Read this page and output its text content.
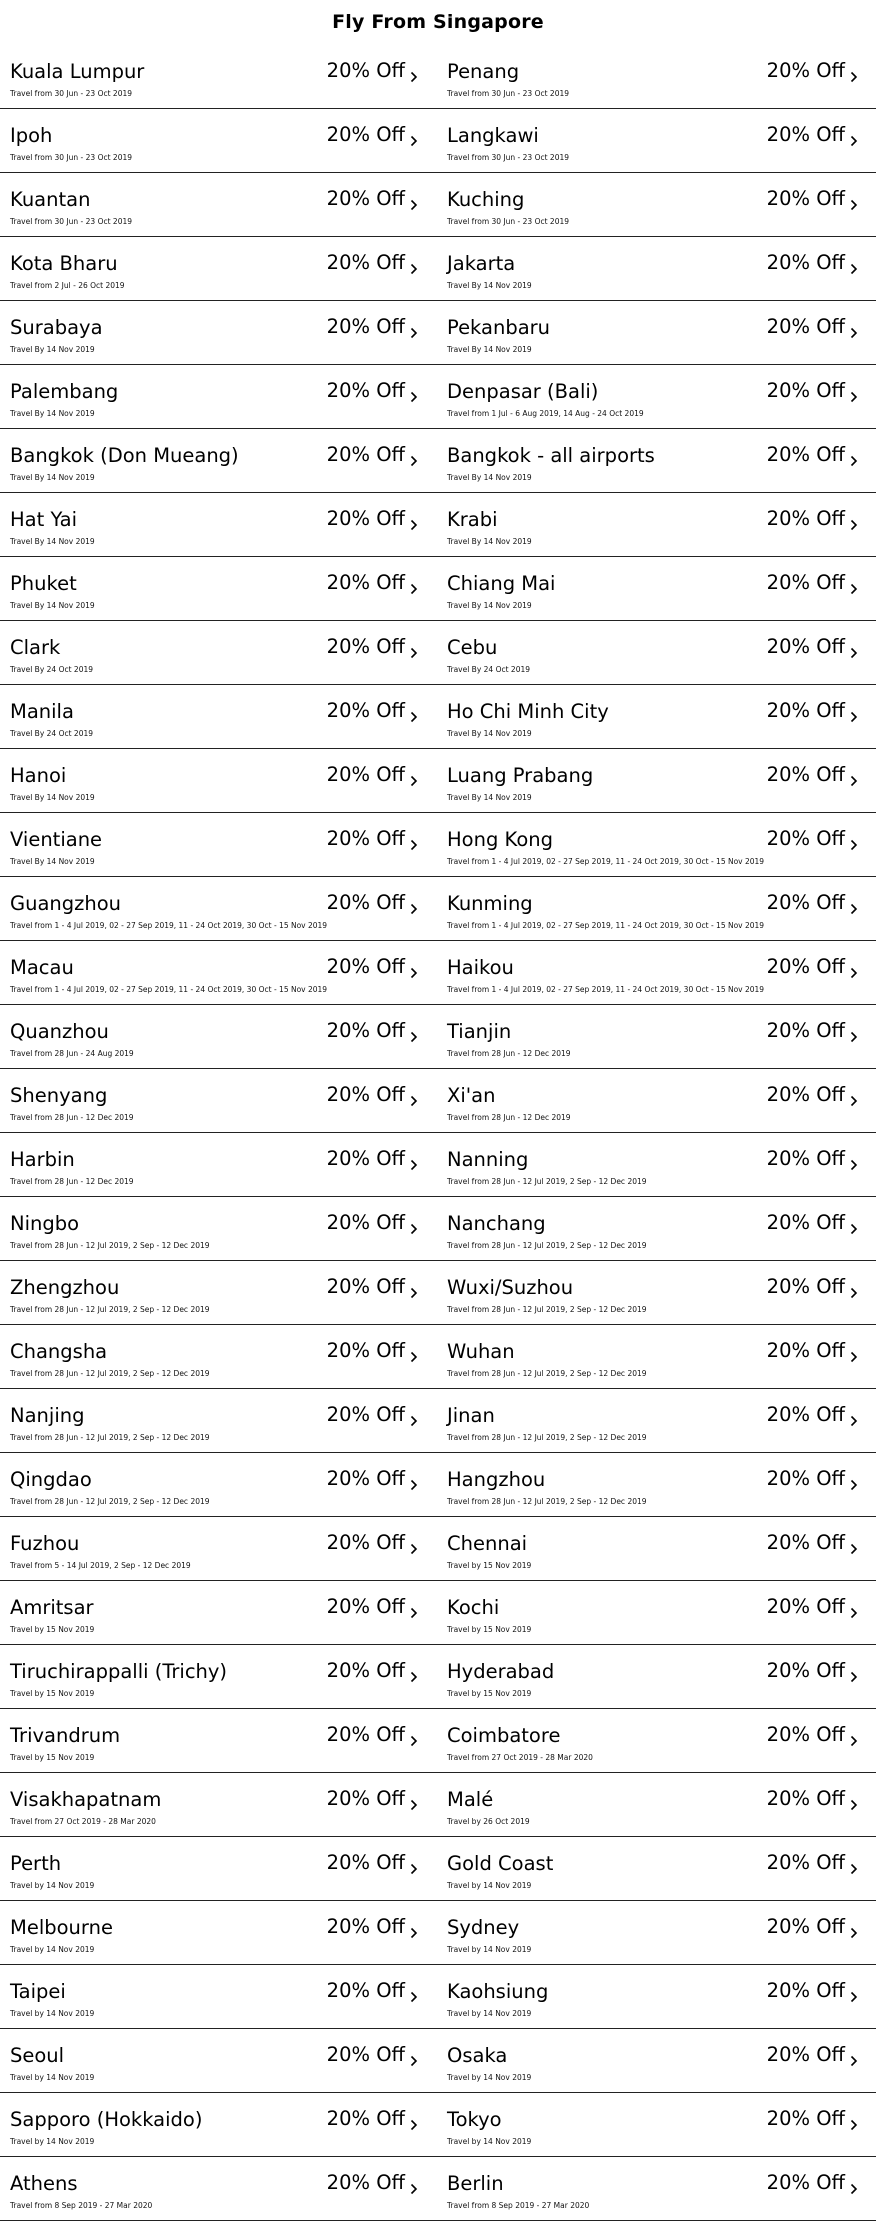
Fly From Singapore
Kuala Lumpur
Travel from 30 Jun - 23 Oct 2019
20% Off Penang
Travel from 30 Jun - 23 Oct 2019
20% Off
Ipoh
Travel from 30 Jun - 23 Oct 2019
20% Off Langkawi
Travel from 30 Jun - 23 Oct 2019
20% Off
Kuantan
Travel from 30 Jun - 23 Oct 2019
20% Off Kuching
Travel from 30 Jun - 23 Oct 2019
20% Off
Kota Bharu
Travel from 2 Jul - 26 Oct 2019
20% Off Jakarta
Travel By 14 Nov 2019
20% Off
Surabaya
Travel By 14 Nov 2019
20% Off Pekanbaru
Travel By 14 Nov 2019
20% Off
Palembang
Travel By 14 Nov 2019
20% Off Denpasar (Bali)
Travel from 1 Jul - 6 Aug 2019, 14 Aug - 24 Oct 2019
20% Off
Bangkok (Don Mueang)
Travel By 14 Nov 2019
20% Off Bangkok - all airports
Travel By 14 Nov 2019
20% Off
Hat Yai
Travel By 14 Nov 2019
20% Off Krabi
Travel By 14 Nov 2019
20% Off
Phuket
Travel By 14 Nov 2019
20% Off Chiang Mai
Travel By 14 Nov 2019
20% Off
Clark
Travel By 24 Oct 2019
20% Off Cebu
Travel By 24 Oct 2019
20% Off
Manila
Travel By 24 Oct 2019
20% Off Ho Chi Minh City
Travel By 14 Nov 2019
20% Off
Hanoi
Travel By 14 Nov 2019
20% Off Luang Prabang
Travel By 14 Nov 2019
20% Off
Vientiane
Travel By 14 Nov 2019
20% Off Hong Kong
Travel from 1 - 4 Jul 2019, 02 - 27 Sep 2019, 11 - 24 Oct 2019, 30 Oct - 15 Nov 2019
20% Off
Guangzhou
Travel from 1 - 4 Jul 2019, 02 - 27 Sep 2019, 11 - 24 Oct 2019, 30 Oct - 15 Nov 2019
20% Off Kunming
Travel from 1 - 4 Jul 2019, 02 - 27 Sep 2019, 11 - 24 Oct 2019, 30 Oct - 15 Nov 2019
20% Off
Macau
Travel from 1 - 4 Jul 2019, 02 - 27 Sep 2019, 11 - 24 Oct 2019, 30 Oct - 15 Nov 2019
20% Off Haikou
Travel from 1 - 4 Jul 2019, 02 - 27 Sep 2019, 11 - 24 Oct 2019, 30 Oct - 15 Nov 2019
20% Off
Quanzhou
Travel from 28 Jun - 24 Aug 2019
20% Off Tianjin
Travel from 28 Jun - 12 Dec 2019
20% Off
Shenyang
Travel from 28 Jun - 12 Dec 2019
20% Off Xi'an
Travel from 28 Jun - 12 Dec 2019
20% Off
Harbin
Travel from 28 Jun - 12 Dec 2019
20% Off Nanning
Travel from 28 Jun - 12 Jul 2019, 2 Sep - 12 Dec 2019
20% Off
Ningbo
Travel from 28 Jun - 12 Jul 2019, 2 Sep - 12 Dec 2019
20% Off Nanchang
Travel from 28 Jun - 12 Jul 2019, 2 Sep - 12 Dec 2019
20% Off
Zhengzhou
Travel from 28 Jun - 12 Jul 2019, 2 Sep - 12 Dec 2019
20% Off Wuxi/Suzhou
Travel from 28 Jun - 12 Jul 2019, 2 Sep - 12 Dec 2019
20% Off
Changsha
Travel from 28 Jun - 12 Jul 2019, 2 Sep - 12 Dec 2019
20% Off Wuhan
Travel from 28 Jun - 12 Jul 2019, 2 Sep - 12 Dec 2019
20% Off
Nanjing
Travel from 28 Jun - 12 Jul 2019, 2 Sep - 12 Dec 2019
20% Off Jinan
Travel from 28 Jun - 12 Jul 2019, 2 Sep - 12 Dec 2019
20% Off
Qingdao
Travel from 28 Jun - 12 Jul 2019, 2 Sep - 12 Dec 2019
20% Off Hangzhou
Travel from 28 Jun - 12 Jul 2019, 2 Sep - 12 Dec 2019
20% Off
Fuzhou
Travel from 5 - 14 Jul 2019, 2 Sep - 12 Dec 2019
20% Off Chennai
Travel by 15 Nov 2019
20% Off
Amritsar
Travel by 15 Nov 2019
20% Off Kochi
Travel by 15 Nov 2019
20% Off
Tiruchirappalli (Trichy)
Travel by 15 Nov 2019
20% Off Hyderabad
Travel by 15 Nov 2019
20% Off
Trivandrum
Travel by 15 Nov 2019
20% Off Coimbatore
Travel from 27 Oct 2019 - 28 Mar 2020
20% Off
Visakhapatnam
Travel from 27 Oct 2019 - 28 Mar 2020
20% Off Malé
Travel by 26 Oct 2019
20% Off
Perth
Travel by 14 Nov 2019
20% Off Gold Coast
Travel by 14 Nov 2019
20% Off
Melbourne
Travel by 14 Nov 2019
20% Off Sydney
Travel by 14 Nov 2019
20% Off
Taipei
Travel by 14 Nov 2019
20% Off Kaohsiung
Travel by 14 Nov 2019
20% Off
Seoul
Travel by 14 Nov 2019
20% Off Osaka
Travel by 14 Nov 2019
20% Off
Sapporo (Hokkaido)
Travel by 14 Nov 2019
20% Off Tokyo
Travel by 14 Nov 2019
20% Off
Athens
Travel from 8 Sep 2019 - 27 Mar 2020
20% Off Berlin
Travel from 8 Sep 2019 - 27 Mar 2020
20% Off
